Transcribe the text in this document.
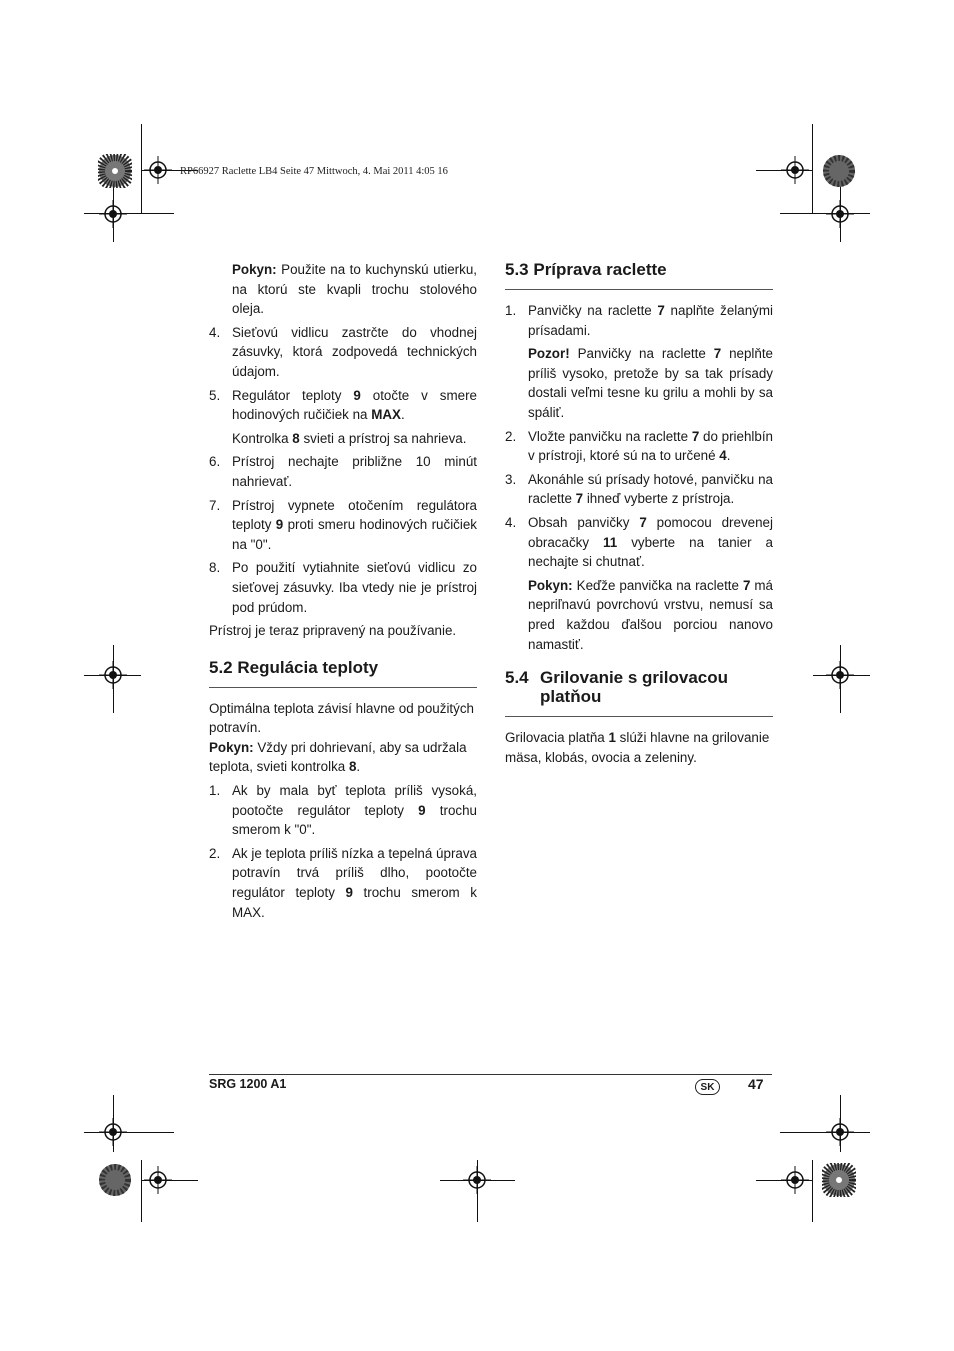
RP66927 Raclette LB4 Seite 47 Mittwoch, 4. Mai 2011 4:05 16

Pokyn: Použite na to kuchynskú utierku, na ktorú ste kvapli trochu stolového oleja.

4. Sieťovú vidlicu zastrčte do vhodnej zásuvky, ktorá zodpovedá technických údajom.
5. Regulátor teploty 9 otočte v smere hodinových ručičiek na MAX.
Kontrolka 8 svieti a prístroj sa nahrieva.
6. Prístroj nechajte približne 10 minút nahrievať.
7. Prístroj vypnete otočením regulátora teploty 9 proti smeru hodinových ručičiek na "0".
8. Po použití vytiahnite sieťovú vidlicu zo sieťovej zásuvky. Iba vtedy nie je prístroj pod prúdom.

Prístroj je teraz pripravený na používanie.

5.2 Regulácia teploty

Optimálna teplota závisí hlavne od použitých potravín.

Pokyn: Vždy pri dohrievaní, aby sa udržala teplota, svieti kontrolka 8.

1. Ak by mala byť teplota príliš vysoká, pootočte regulátor teploty 9 trochu smerom k "0".
2. Ak je teplota príliš nízka a tepelná úprava potravín trvá príliš dlho, pootočte regulátor teploty 9 trochu smerom k MAX.
5.3 Príprava raclette
1. Panvičky na raclette 7 naplňte želanými prísadami.
Pozor! Panvičky na raclette 7 neplňte príliš vysoko, pretože by sa tak prísady dostali veľmi tesne ku grilu a mohli by sa spáliť.
2. Vložte panvičku na raclette 7 do priehlbín v prístroji, ktoré sú na to určené 4.
3. Akonáhle sú prísady hotové, panvičku na raclette 7 ihneď vyberte z prístroja.
4. Obsah panvičky 7 pomocou drevenej obracačky 11 vyberte na tanier a nechajte si chutnať.
Pokyn: Keďže panvička na raclette 7 má nepriľnavú povrchovú vrstvu, nemusí sa pred každou ďalšou porciou nanovo namastiť.
5.4 Grilovanie s grilovacou
platňou

Grilovacia platňa 1 slúži hlavne na grilovanie mäsa, klobás, ovocia a zeleniny.

SRG 1200 A1	SK	47
